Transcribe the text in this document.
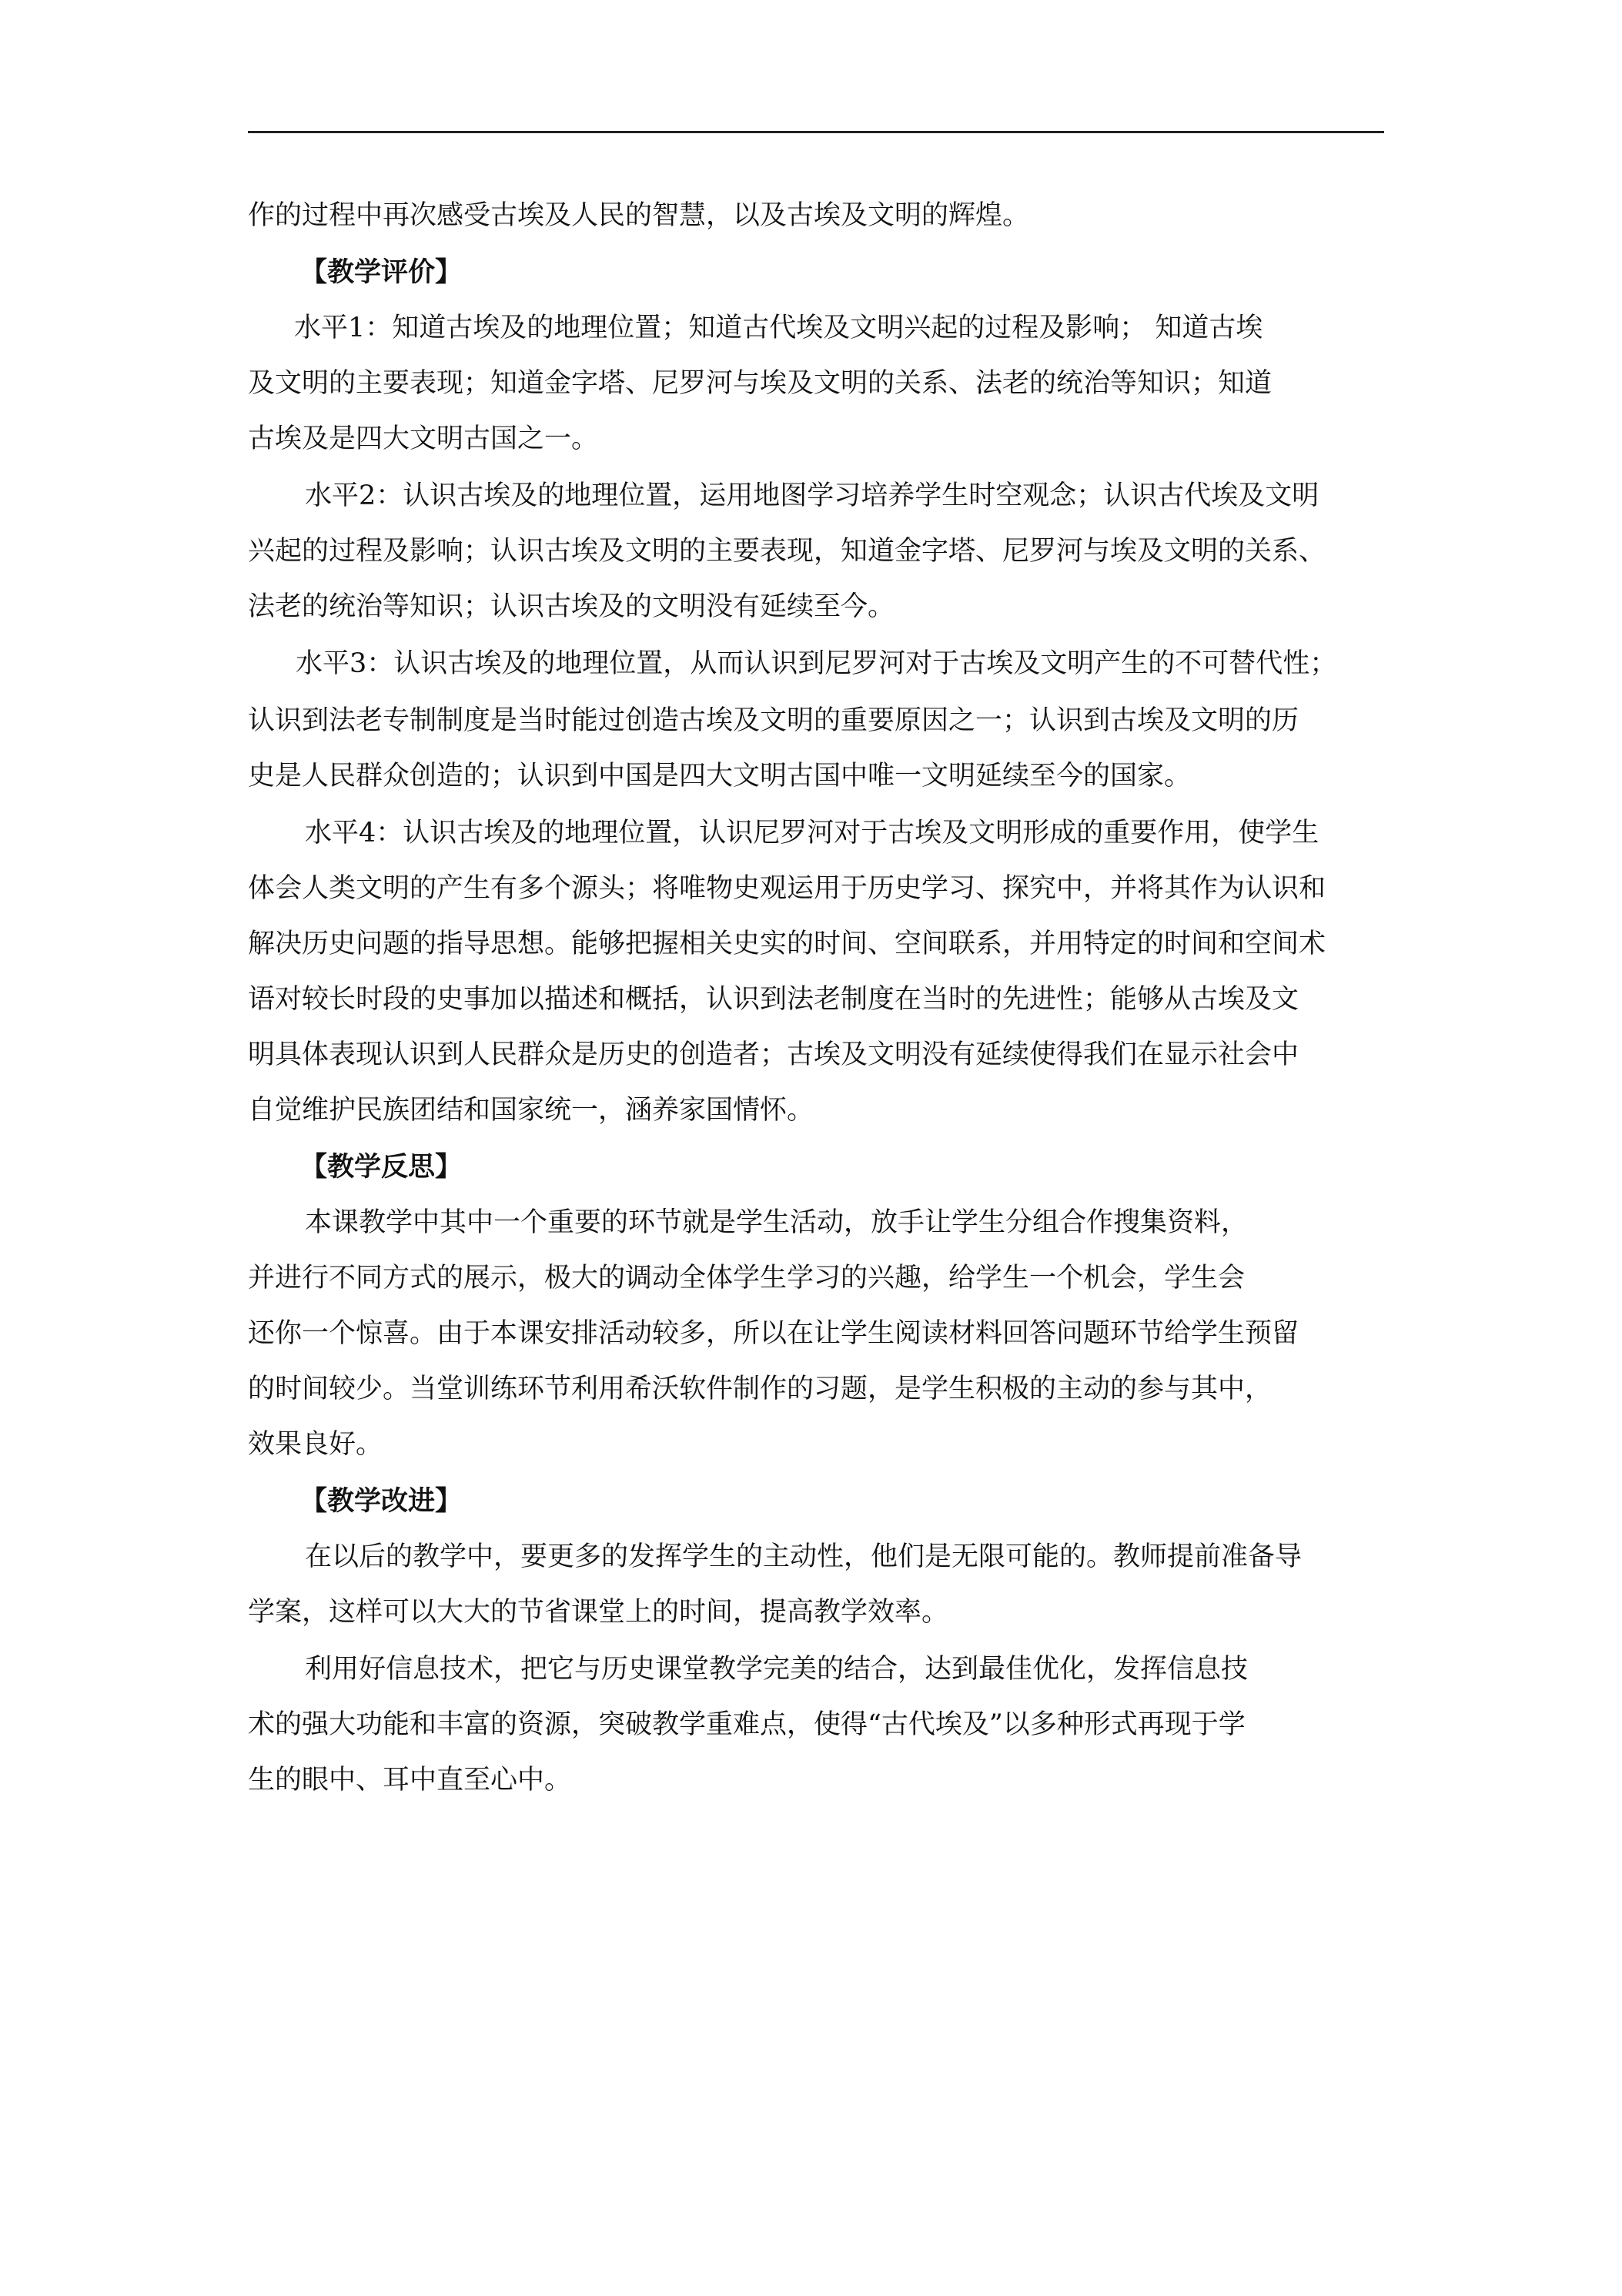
作的过程中再次感受古埃及人民的智慧，以及古埃及文明的辉煌。
【教学评价】
水平1：知道古埃及的地理位置；知道古代埃及文明兴起的过程及影响； 知道古埃
及文明的主要表现；知道金字塔、尼罗河与埃及文明的关系、法老的统治等知识；知道
古埃及是四大文明古国之一。
水平2：认识古埃及的地理位置，运用地图学习培养学生时空观念；认识古代埃及文明
兴起的过程及影响；认识古埃及文明的主要表现，知道金字塔、尼罗河与埃及文明的关系、
法老的统治等知识；认识古埃及的文明没有延续至今。
水平3：认识古埃及的地理位置，从而认识到尼罗河对于古埃及文明产生的不可替代性；
认识到法老专制制度是当时能过创造古埃及文明的重要原因之一；认识到古埃及文明的历
史是人民群众创造的；认识到中国是四大文明古国中唯一文明延续至今的国家。
水平4：认识古埃及的地理位置，认识尼罗河对于古埃及文明形成的重要作用，使学生
体会人类文明的产生有多个源头；将唯物史观运用于历史学习、探究中，并将其作为认识和
解决历史问题的指导思想。能够把握相关史实的时间、空间联系，并用特定的时间和空间术
语对较长时段的史事加以描述和概括，认识到法老制度在当时的先进性；能够从古埃及文
明具体表现认识到人民群众是历史的创造者；古埃及文明没有延续使得我们在显示社会中
自觉维护民族团结和国家统一，涵养家国情怀。
【教学反思】
本课教学中其中一个重要的环节就是学生活动，放手让学生分组合作搜集资料，
并进行不同方式的展示，极大的调动全体学生学习的兴趣，给学生一个机会，学生会
还你一个惊喜。由于本课安排活动较多，所以在让学生阅读材料回答问题环节给学生预留
的时间较少。当堂训练环节利用希沃软件制作的习题，是学生积极的主动的参与其中，
效果良好。
【教学改进】
在以后的教学中，要更多的发挥学生的主动性，他们是无限可能的。教师提前准备导
学案，这样可以大大的节省课堂上的时间，提高教学效率。
利用好信息技术，把它与历史课堂教学完美的结合，达到最佳优化，发挥信息技
术的强大功能和丰富的资源，突破教学重难点，使得“古代埃及”以多种形式再现于学
生的眼中、耳中直至心中。
